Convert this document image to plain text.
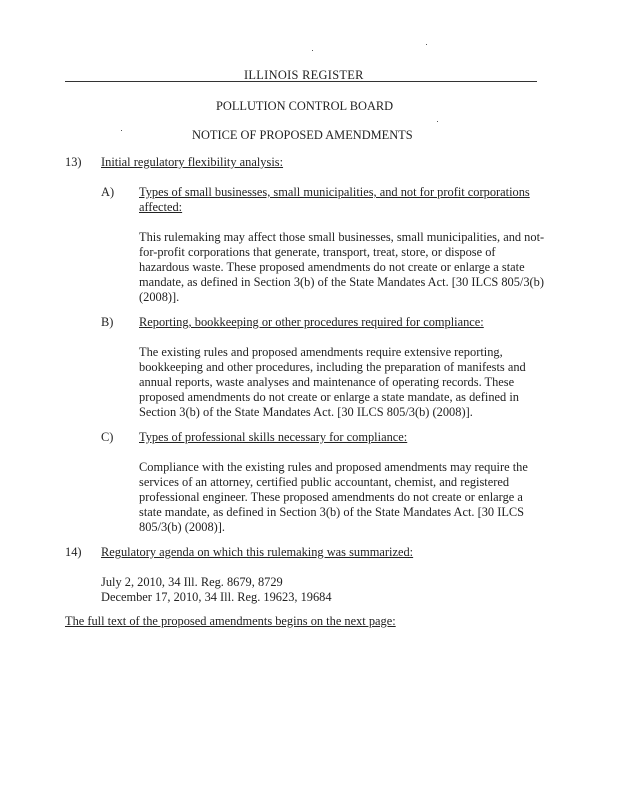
ILLINOIS REGISTER
POLLUTION CONTROL BOARD
NOTICE OF PROPOSED AMENDMENTS
13) Initial regulatory flexibility analysis:
A) Types of small businesses, small municipalities, and not for profit corporations
affected:
This rulemaking may affect those small businesses, small municipalities, and not-
for-profit corporations that generate, transport, treat, store, or dispose of
hazardous waste. These proposed amendments do not create or enlarge a state
mandate, as defined in Section 3(b) of the State Mandates Act. [30 ILCS 805/3(b)
(2008)].
B) Reporting, bookkeeping or other procedures required for compliance:
The existing rules and proposed amendments require extensive reporting,
bookkeeping and other procedures, including the preparation of manifests and
annual reports, waste analyses and maintenance of operating records. These
proposed amendments do not create or enlarge a state mandate, as defined in
Section 3(b) of the State Mandates Act. [30 ILCS 805/3(b) (2008)].
C) Types of professional skills necessary for compliance:
Compliance with the existing rules and proposed amendments may require the
services of an attorney, certified public accountant, chemist, and registered
professional engineer. These proposed amendments do not create or enlarge a
state mandate, as defined in Section 3(b) of the State Mandates Act. [30 ILCS
805/3(b) (2008)].
14) Regulatory agenda on which this rulemaking was summarized:
July 2, 2010, 34 Ill. Reg. 8679, 8729
December 17, 2010, 34 Ill. Reg. 19623, 19684
The full text of the proposed amendments begins on the next page:
